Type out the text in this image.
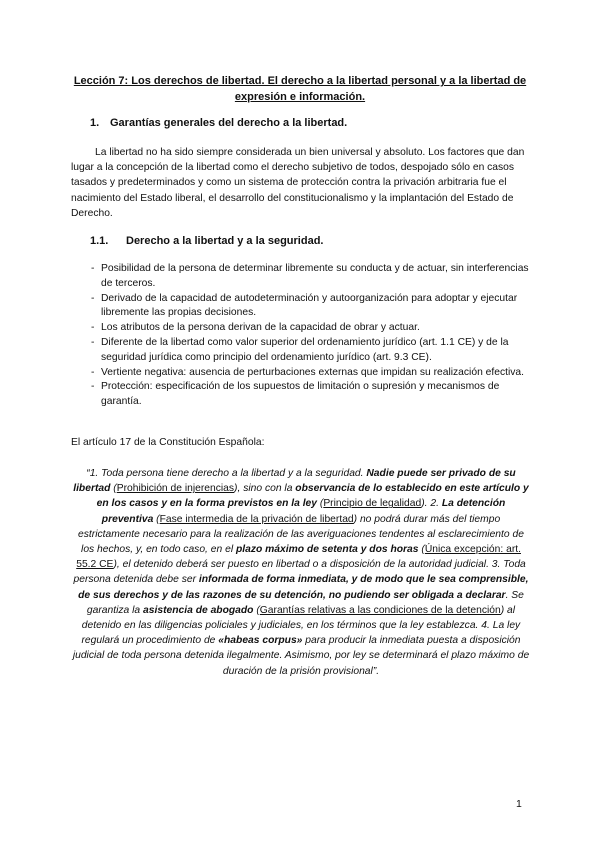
Lección 7: Los derechos de libertad. El derecho a la libertad personal y a la libertad de expresión e información.
1. Garantías generales del derecho a la libertad.
La libertad no ha sido siempre considerada un bien universal y absoluto. Los factores que dan lugar a la concepción de la libertad como el derecho subjetivo de todos, despojado sólo en casos tasados y predeterminados y como un sistema de protección contra la privación arbitraria fue el nacimiento del Estado liberal, el desarrollo del constitucionalismo y la implantación del Estado de Derecho.
1.1. Derecho a la libertad y a la seguridad.
- Posibilidad de la persona de determinar libremente su conducta y de actuar, sin interferencias de terceros.
- Derivado de la capacidad de autodeterminación y autoorganización para adoptar y ejecutar libremente las propias decisiones.
- Los atributos de la persona derivan de la capacidad de obrar y actuar.
- Diferente de la libertad como valor superior del ordenamiento jurídico (art. 1.1 CE) y de la seguridad jurídica como principio del ordenamiento jurídico (art. 9.3 CE).
- Vertiente negativa: ausencia de perturbaciones externas que impidan su realización efectiva.
- Protección: especificación de los supuestos de limitación o supresión y mecanismos de garantía.
El artículo 17 de la Constitución Española:
“1. Toda persona tiene derecho a la libertad y a la seguridad. Nadie puede ser privado de su libertad (Prohibición de injerencias), sino con la observancia de lo establecido en este artículo y en los casos y en la forma previstos en la ley (Principio de legalidad). 2. La detención preventiva (Fase intermedia de la privación de libertad) no podrá durar más del tiempo estrictamente necesario para la realización de las averiguaciones tendentes al esclarecimiento de los hechos, y, en todo caso, en el plazo máximo de setenta y dos horas (Única excepción: art. 55.2 CE), el detenido deberá ser puesto en libertad o a disposición de la autoridad judicial. 3. Toda persona detenida debe ser informada de forma inmediata, y de modo que le sea comprensible, de sus derechos y de las razones de su detención, no pudiendo ser obligada a declarar. Se garantiza la asistencia de abogado (Garantías relativas a las condiciones de la detención) al detenido en las diligencias policiales y judiciales, en los términos que la ley establezca. 4. La ley regulará un procedimiento de «habeas corpus» para producir la inmediata puesta a disposición judicial de toda persona detenida ilegalmente. Asimismo, por ley se determinará el plazo máximo de duración de la prisión provisional”.
1
